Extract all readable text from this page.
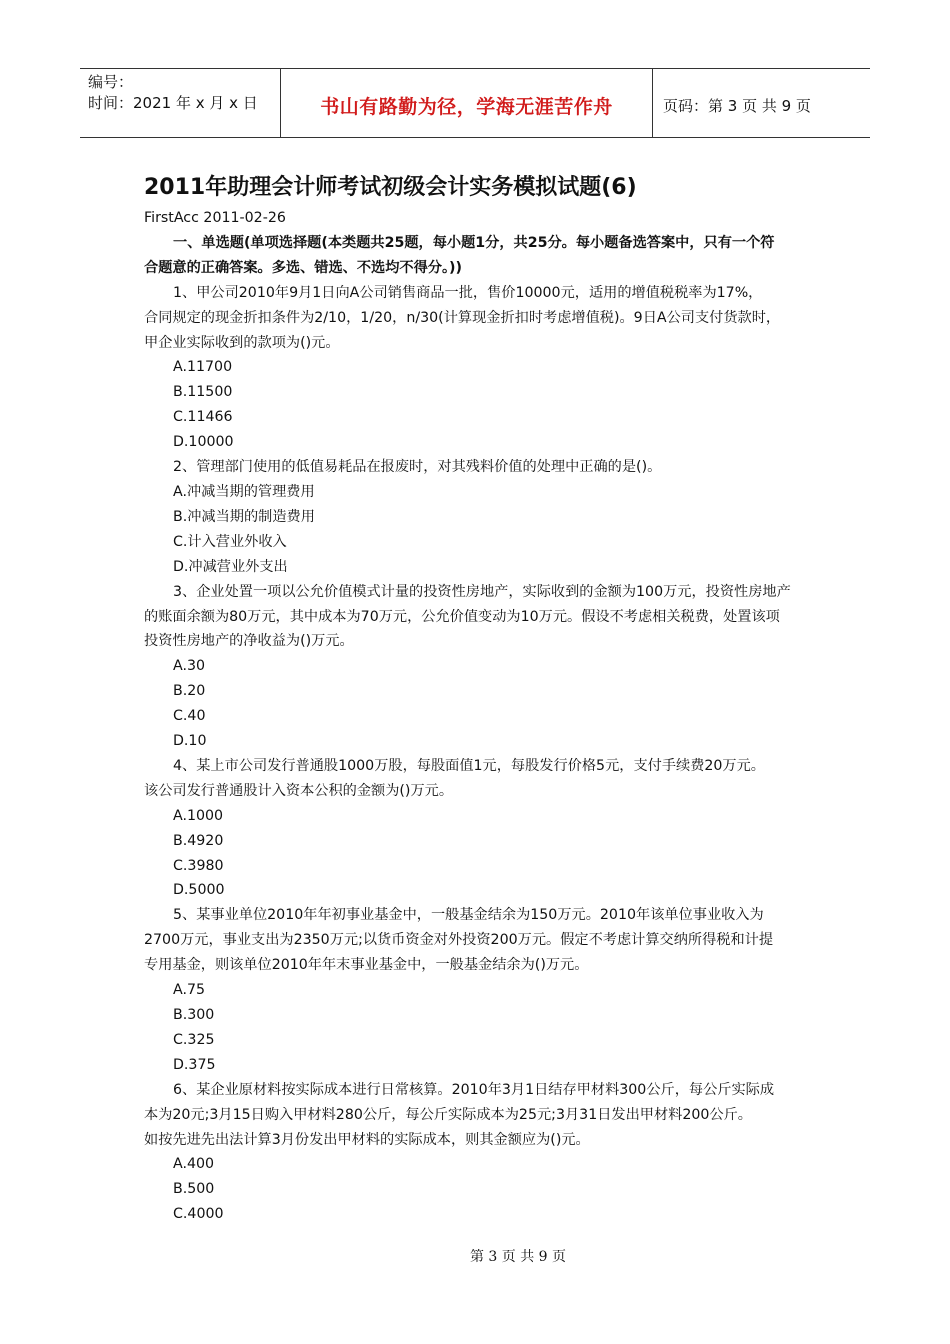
编号：
时间：2021 年 x 月 x 日	书山有路勤为径，学海无涯苦作舟	页码：第 3 页 共 9 页
2011年助理会计师考试初级会计实务模拟试题(6)

FirstAcc 2011-02-26

一、单选题(单项选择题(本类题共25题，每小题1分，共25分。每小题备选答案中，只有一个符

合题意的正确答案。多选、错选、不选均不得分。))

1、甲公司2010年9月1日向A公司销售商品一批，售价10000元，适用的增值税税率为17%，

合同规定的现金折扣条件为2/10，1/20，n/30(计算现金折扣时考虑增值税)。9日A公司支付货款时，

甲企业实际收到的款项为()元。

A.11700

B.11500

C.11466

D.10000

2、管理部门使用的低值易耗品在报废时，对其残料价值的处理中正确的是()。

A.冲减当期的管理费用

B.冲减当期的制造费用

C.计入营业外收入

D.冲减营业外支出

3、企业处置一项以公允价值模式计量的投资性房地产，实际收到的金额为100万元，投资性房地产

的账面余额为80万元，其中成本为70万元，公允价值变动为10万元。假设不考虑相关税费，处置该项

投资性房地产的净收益为()万元。

A.30

B.20

C.40

D.10

4、某上市公司发行普通股1000万股，每股面值1元，每股发行价格5元，支付手续费20万元。

该公司发行普通股计入资本公积的金额为()万元。

A.1000

B.4920

C.3980

D.5000

5、某事业单位2010年年初事业基金中，一般基金结余为150万元。2010年该单位事业收入为

2700万元，事业支出为2350万元;以货币资金对外投资200万元。假定不考虑计算交纳所得税和计提

专用基金，则该单位2010年年末事业基金中，一般基金结余为()万元。

A.75

B.300

C.325

D.375

6、某企业原材料按实际成本进行日常核算。2010年3月1日结存甲材料300公斤，每公斤实际成

本为20元;3月15日购入甲材料280公斤，每公斤实际成本为25元;3月31日发出甲材料200公斤。

如按先进先出法计算3月份发出甲材料的实际成本，则其金额应为()元。

A.400

B.500

C.4000

第 3 页 共 9 页
